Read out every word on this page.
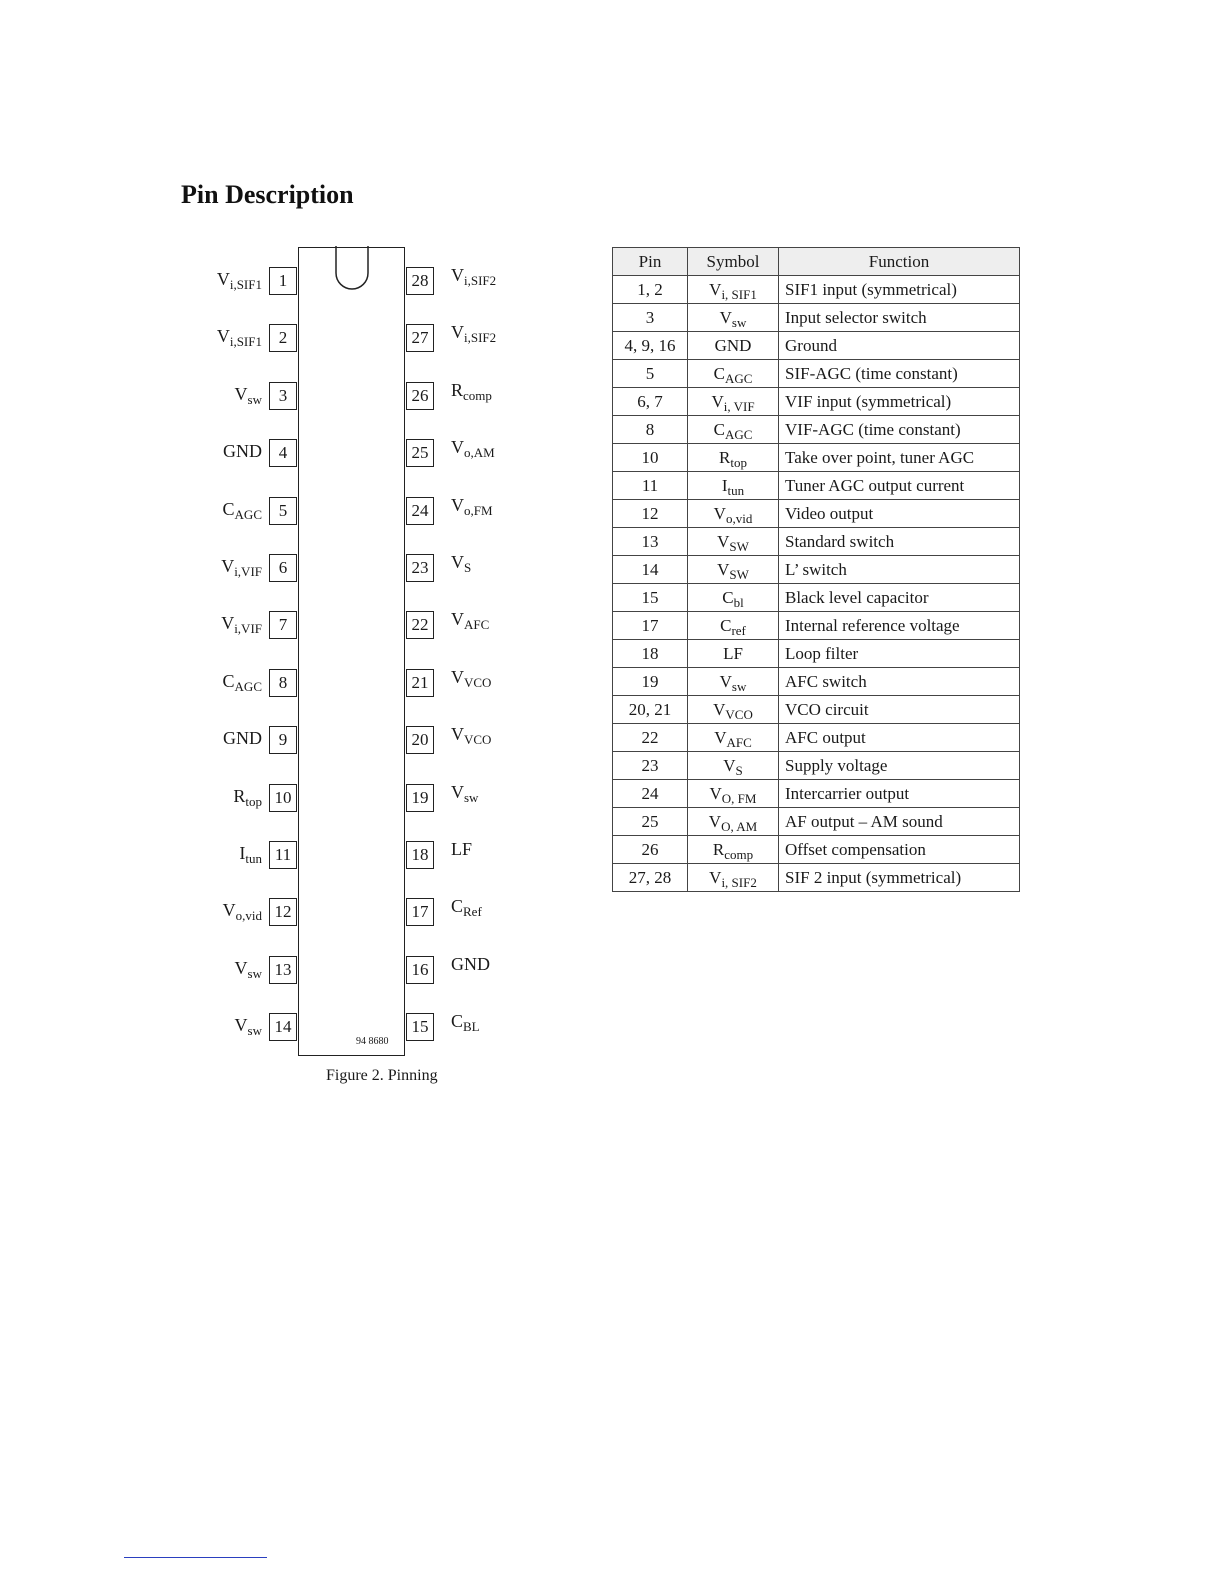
Pin Description
1
$V_{i,SIF1}$
2
$V_{i,SIF1}$
3
$V_{sw}$
4
GND
5
$C_{AGC}$
6
$V_{i,VIF}$
7
$V_{i,VIF}$
8
$C_{AGC}$
9
GND
10
$R_{top}$
11
$I_{tun}$
12
$V_{o,vid}$
13
$V_{sw}$
14
$V_{sw}$
28	$V_{i,SIF2}$
27	$V_{i,SIF2}$
26	$R_{comp}$
25	$V_{o,AM}$
24	$V_{o,FM}$
23	$V_S$
22	$V_{AFC}$
21	$V_{VCO}$
20	$V_{VCO}$
19	$V_{sw}$
18	LF
17	$C_{Ref}$
16	GND
15	$C_{BL}$
94 8680
Figure 2. Pinning
Pin	Symbol	Function
1, 2	$V_{i, SIF1}$	SIF1 input (symmetrical)
3	$V_{sw}$	Input selector switch
4, 9, 16	GND	Ground
5	$C_{AGC}$	SIF-AGC (time constant)
6, 7	$V_{i, VIF}$	VIF input (symmetrical)
8	$C_{AGC}$	VIF-AGC (time constant)
10	$R_{top}$	Take over point, tuner AGC
11	$I_{tun}$	Tuner AGC output current
12	$V_{o,vid}$	Video output
13	$V_{SW}$	Standard switch
14	$V_{SW}$	L’ switch
15	$C_{bl}$	Black level capacitor
17	$C_{ref}$	Internal reference voltage
18	LF	Loop filter
19	$V_{sw}$	AFC switch
20, 21	$V_{VCO}$	VCO circuit
22	$V_{AFC}$	AFC output
23	$V_S$	Supply voltage
24	$V_{O, FM}$	Intercarrier output
25	$V_{O, AM}$	AF output – AM sound
26	$R_{comp}$	Offset compensation
27, 28	$V_{i, SIF2}$	SIF 2 input (symmetrical)
